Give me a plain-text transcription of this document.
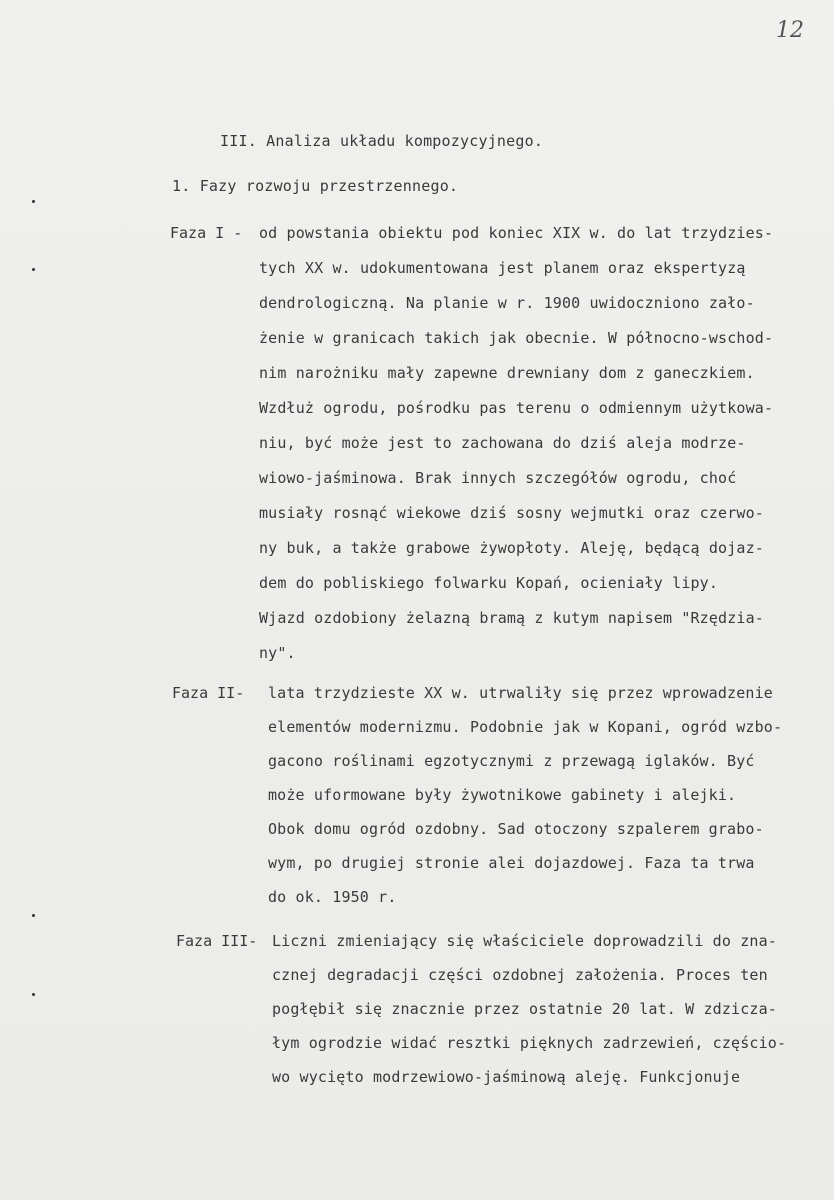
12
III. Analiza układu kompozycyjnego.
1. Fazy rozwoju przestrzennego.
Faza I - od powstania obiektu pod koniec XIX w. do lat trzydzies-
tych XX w. udokumentowana jest planem oraz ekspertyzą
dendrologiczną. Na planie w r. 1900 uwidoczniono zało-
żenie w granicach takich jak obecnie. W północno-wschod-
nim narożniku mały zapewne drewniany dom z ganeczkiem.
Wzdłuż ogrodu, pośrodku pas terenu o odmiennym użytkowa-
niu, być może jest to zachowana do dziś aleja modrze-
wiowo-jaśminowa. Brak innych szczegółów ogrodu, choć
musiały rosnąć wiekowe dziś sosny wejmutki oraz czerwo-
ny buk, a także grabowe żywopłoty. Aleję, będącą dojaz-
dem do pobliskiego folwarku Kopań, ocieniały lipy.
Wjazd ozdobiony żelazną bramą z kutym napisem "Rzędzia-
ny".
Faza II- lata trzydzieste XX w. utrwaliły się przez wprowadzenie
elementów modernizmu. Podobnie jak w Kopani, ogród wzbo-
gacono roślinami egzotycznymi z przewagą iglaków. Być
może uformowane były żywotnikowe gabinety i alejki.
Obok domu ogród ozdobny. Sad otoczony szpalerem grabo-
wym, po drugiej stronie alei dojazdowej. Faza ta trwa
do ok. 1950 r.
Faza III- Liczni zmieniający się właściciele doprowadzili do zna-
cznej degradacji części ozdobnej założenia. Proces ten
pogłębił się znacznie przez ostatnie 20 lat. W zdzicza-
łym ogrodzie widać resztki pięknych zadrzewień, częścio-
wo wycięto modrzewiowo-jaśminową aleję. Funkcjonuje
